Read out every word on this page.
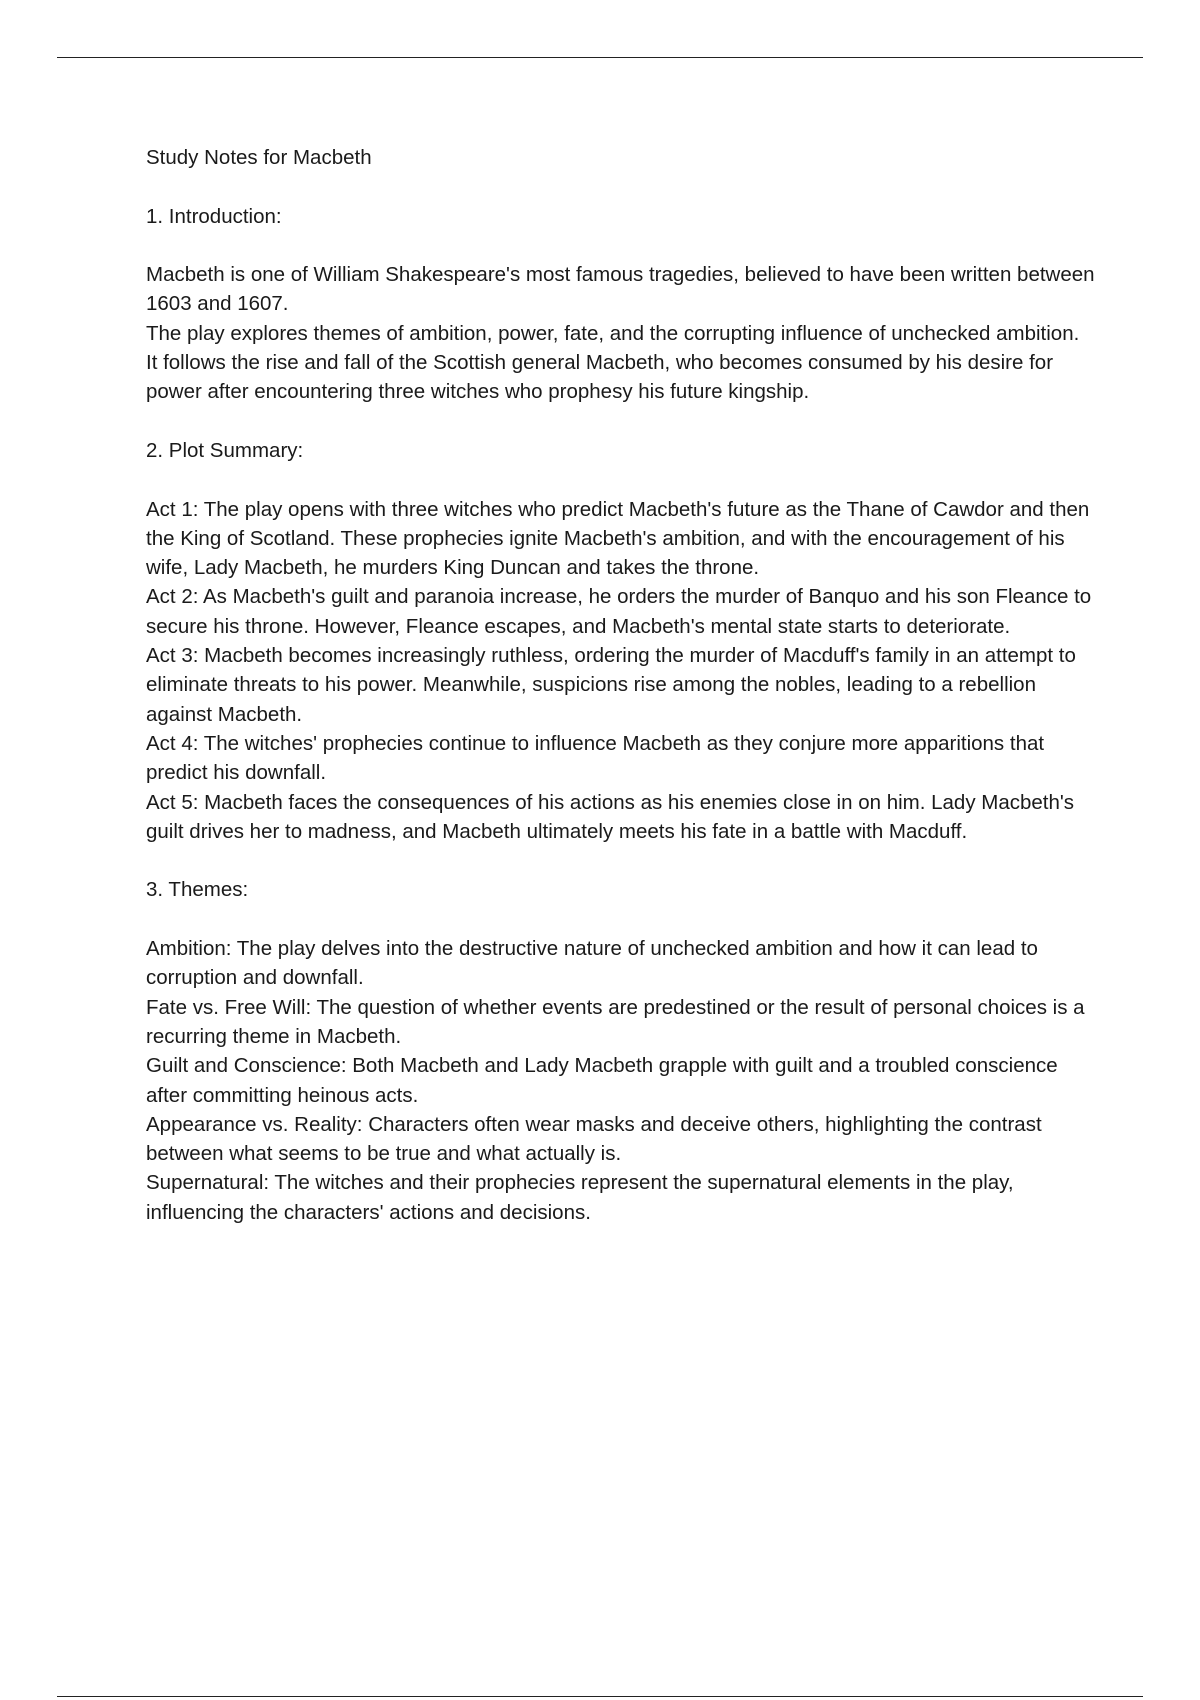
Study Notes for Macbeth

1. Introduction:

Macbeth is one of William Shakespeare's most famous tragedies, believed to have been written between 1603 and 1607.

The play explores themes of ambition, power, fate, and the corrupting influence of unchecked ambition.

It follows the rise and fall of the Scottish general Macbeth, who becomes consumed by his desire for power after encountering three witches who prophesy his future kingship.

2. Plot Summary:

Act 1: The play opens with three witches who predict Macbeth's future as the Thane of Cawdor and then the King of Scotland. These prophecies ignite Macbeth's ambition, and with the encouragement of his wife, Lady Macbeth, he murders King Duncan and takes the throne.

Act 2: As Macbeth's guilt and paranoia increase, he orders the murder of Banquo and his son Fleance to secure his throne. However, Fleance escapes, and Macbeth's mental state starts to deteriorate.

Act 3: Macbeth becomes increasingly ruthless, ordering the murder of Macduff's family in an attempt to eliminate threats to his power. Meanwhile, suspicions rise among the nobles, leading to a rebellion against Macbeth.

Act 4: The witches' prophecies continue to influence Macbeth as they conjure more apparitions that predict his downfall.

Act 5: Macbeth faces the consequences of his actions as his enemies close in on him. Lady Macbeth's guilt drives her to madness, and Macbeth ultimately meets his fate in a battle with Macduff.

3. Themes:

Ambition: The play delves into the destructive nature of unchecked ambition and how it can lead to corruption and downfall.

Fate vs. Free Will: The question of whether events are predestined or the result of personal choices is a recurring theme in Macbeth.

Guilt and Conscience: Both Macbeth and Lady Macbeth grapple with guilt and a troubled conscience after committing heinous acts.

Appearance vs. Reality: Characters often wear masks and deceive others, highlighting the contrast between what seems to be true and what actually is.

Supernatural: The witches and their prophecies represent the supernatural elements in the play, influencing the characters' actions and decisions.
